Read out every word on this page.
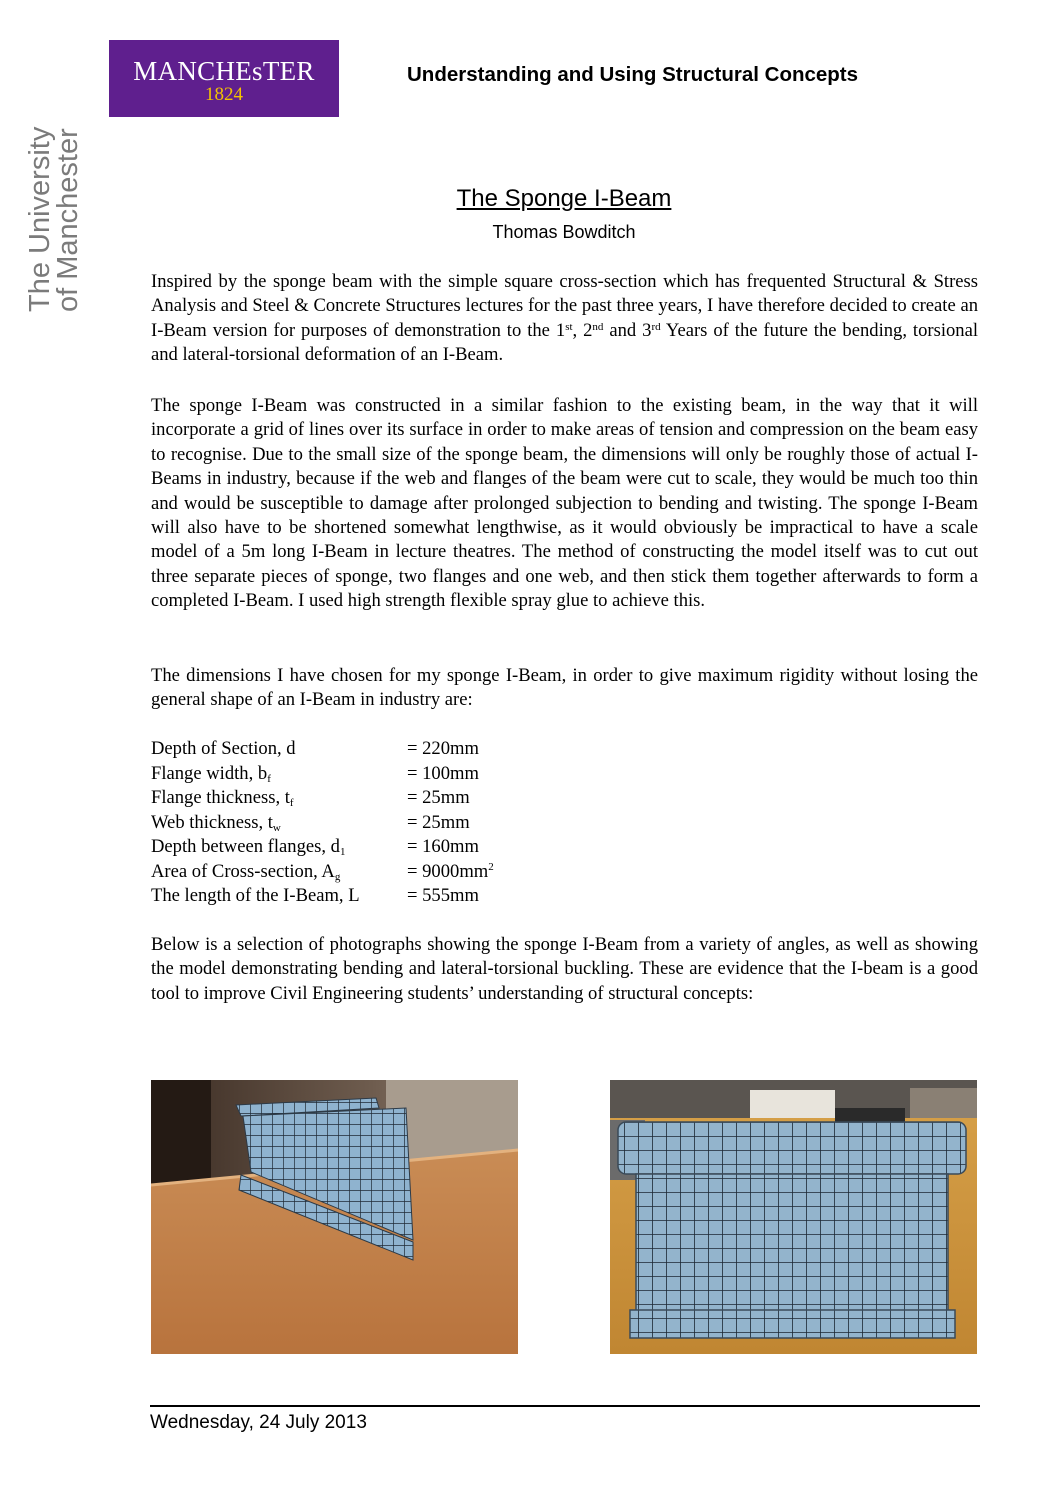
MANCHEsTER
1824
The University
of Manchester
Understanding and Using Structural Concepts
The Sponge I-Beam
Thomas Bowditch

Inspired by the sponge beam with the simple square cross-section which has frequented Structural & Stress Analysis and Steel & Concrete Structures lectures for the past three years, I have therefore decided to create an I-Beam version for purposes of demonstration to the 1st, 2nd and 3rd Years of the future the bending, torsional and lateral-torsional deformation of an I-Beam.

The sponge I-Beam was constructed in a similar fashion to the existing beam, in the way that it will incorporate a grid of lines over its surface in order to make areas of tension and compression on the beam easy to recognise. Due to the small size of the sponge beam, the dimensions will only be roughly those of actual I-Beams in industry, because if the web and flanges of the beam were cut to scale, they would be much too thin and would be susceptible to damage after prolonged subjection to bending and twisting. The sponge I-Beam will also have to be shortened somewhat lengthwise, as it would obviously be impractical to have a scale model of a 5m long I-Beam in lecture theatres. The method of constructing the model itself was to cut out three separate pieces of sponge, two flanges and one web, and then stick them together afterwards to form a completed I-Beam. I used high strength flexible spray glue to achieve this.

The dimensions I have chosen for my sponge I-Beam, in order to give maximum rigidity without losing the general shape of an I-Beam in industry are:

Depth of Section, d	= 220mm
Flange width, $b_f$	= 100mm
Flange thickness, $t_f$	= 25mm
Web thickness, $t_w$	= 25mm
Depth between flanges, $d_1$	= 160mm
Area of Cross-section, $A_g$	= $9000mm^2$
The length of the I-Beam, L	= 555mm

Below is a selection of photographs showing the sponge I-Beam from a variety of angles, as well as showing the model demonstrating bending and lateral-torsional buckling. These are evidence that the I-beam is a good tool to improve Civil Engineering students’ understanding of structural concepts:

Wednesday, 24 July 2013
